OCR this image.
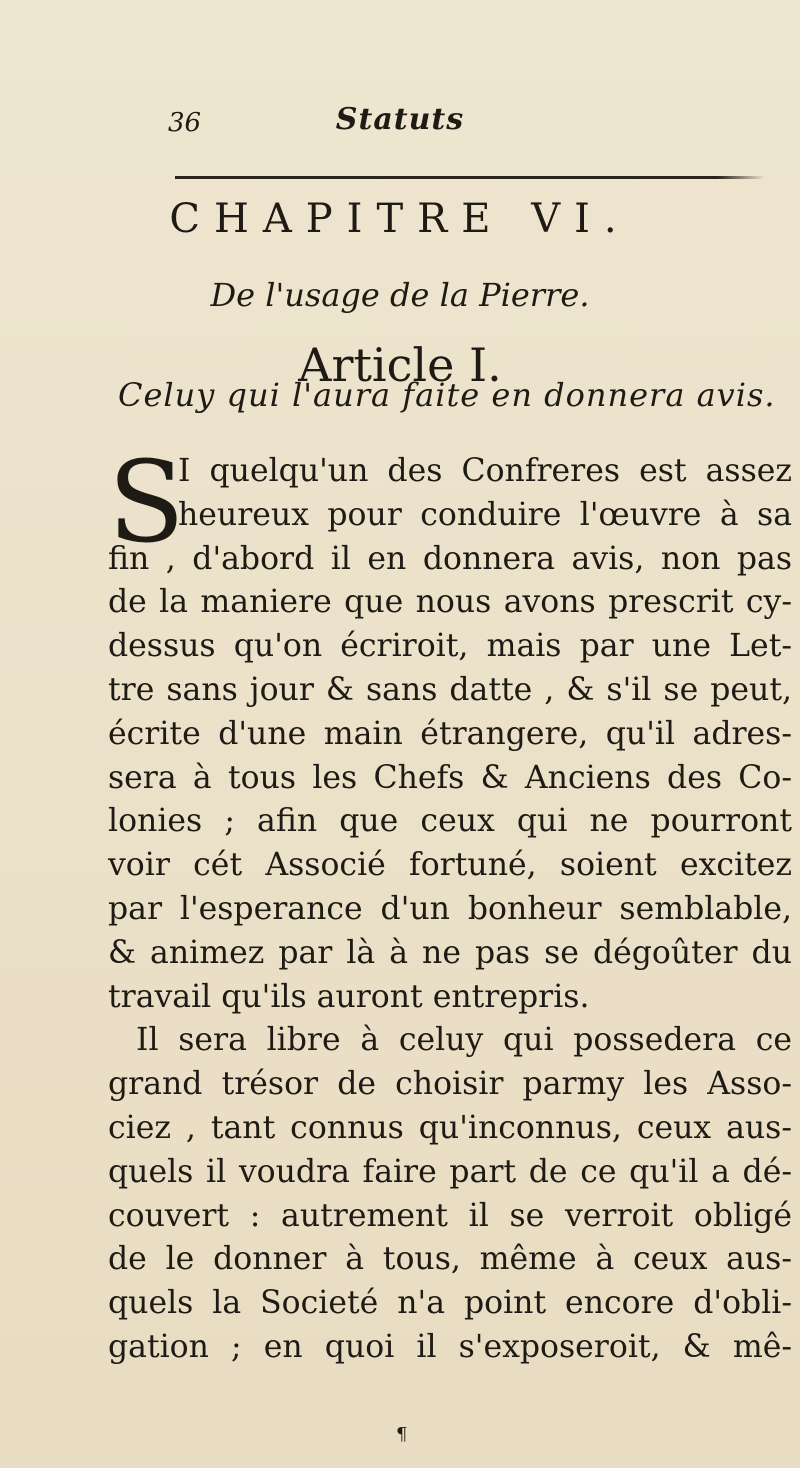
36	Statuts
CHAPITRE VI.
De l'usage de la Pierre.
Article I.
Celuy qui l'aura faite en donnera avis.
S
I quelqu'un des Confreres est assez
heureux pour conduire l'œuvre à sa
fin , d'abord il en donnera avis, non pas
de la maniere que nous avons prescrit cy-
dessus qu'on écriroit, mais par une Let-
tre sans jour & sans datte , & s'il se peut,
écrite d'une main étrangere, qu'il adres-
sera à tous les Chefs & Anciens des Co-
lonies ; afin que ceux qui ne pourront
voir cét Associé fortuné, soient excitez
par l'esperance d'un bonheur semblable,
& animez par là à ne pas se dégoûter du
travail qu'ils auront entrepris.
Il sera libre à celuy qui possedera ce
grand trésor de choisir parmy les Asso-
ciez , tant connus qu'inconnus, ceux aus-
quels il voudra faire part de ce qu'il a dé-
couvert : autrement il se verroit obligé
de le donner à tous, même à ceux aus-
quels la Societé n'a point encore d'obli-
gation ; en quoi il s'exposeroit, & mê-
¶
